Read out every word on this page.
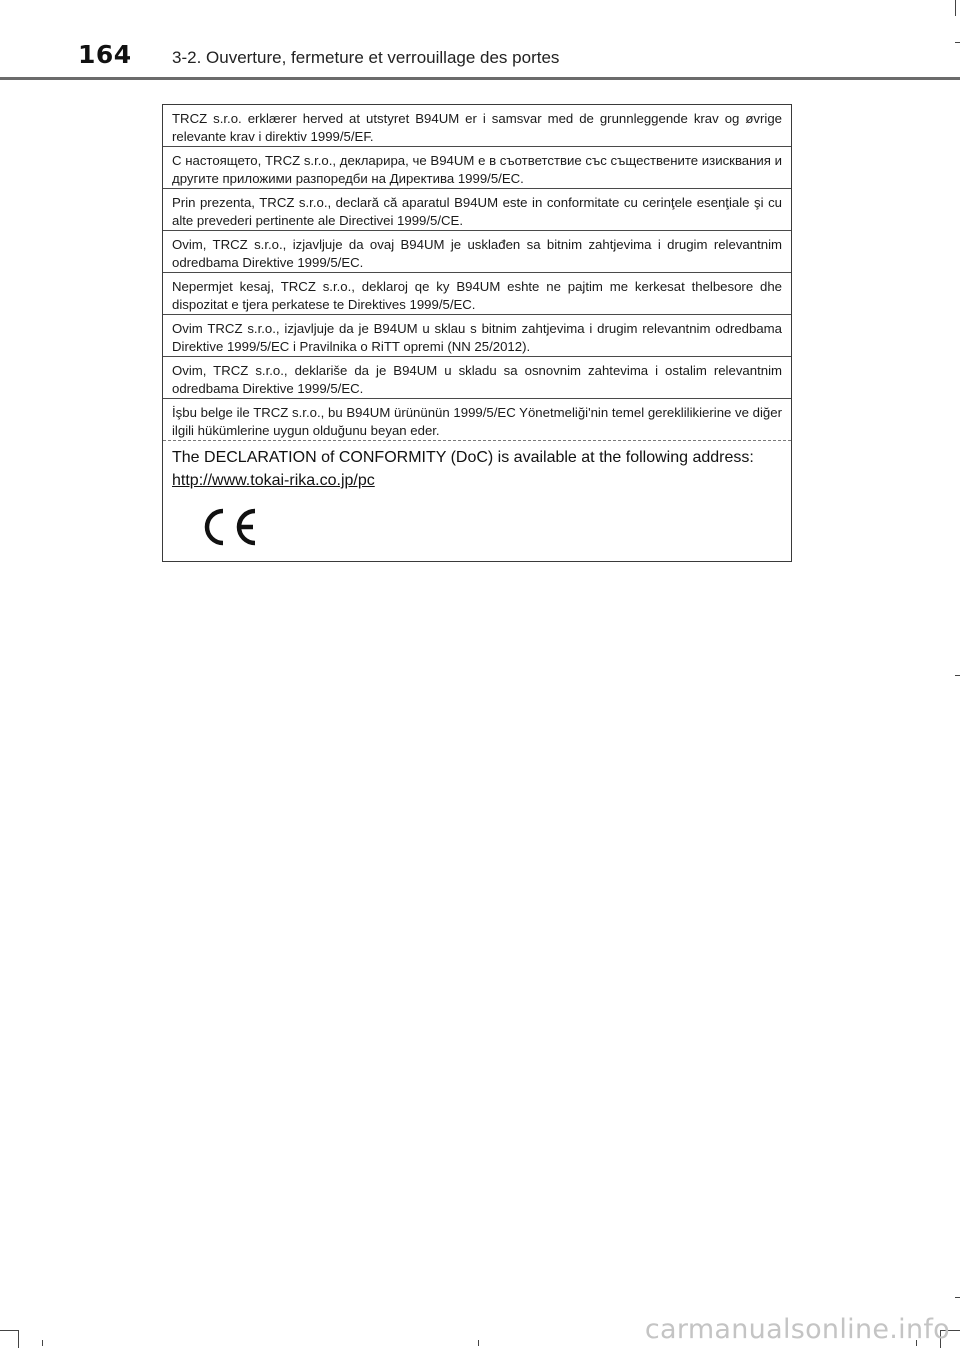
164 3-2. Ouverture, fermeture et verrouillage des portes
TRCZ s.r.o. erklærer herved at utstyret B94UM er i samsvar med de grunnleggende krav og øvrige relevante krav i direktiv 1999/5/EF.
С настоящето, TRCZ s.r.o., декларира, че B94UM е в съответствие със съществените изисквания и другите приложими разпоредби на Директива 1999/5/ЕС.
Prin prezenta, TRCZ s.r.o., declară că aparatul B94UM este in conformitate cu cerinţele esenţiale şi cu alte prevederi pertinente ale Directivei 1999/5/CE.
Ovim, TRCZ s.r.o., izjavljuje da ovaj B94UM je usklađen sa bitnim zahtjevima i drugim relevantnim odredbama Direktive 1999/5/EC.
Nepermjet kesaj, TRCZ s.r.o., deklaroj qe ky B94UM eshte ne pajtim me kerkesat thelbesore dhe dispozitat e tjera perkatese te Direktives 1999/5/EC.
Ovim TRCZ s.r.o., izjavljuje da je B94UM u sklau s bitnim zahtjevima i drugim relevantnim odredbama Direktive 1999/5/EC i Pravilnika o RiTT opremi (NN 25/2012).
Ovim, TRCZ s.r.o., deklariše da je B94UM u skladu sa osnovnim zahtevima i ostalim relevantnim odredbama Direktive 1999/5/EC.
İşbu belge ile TRCZ s.r.o., bu B94UM ürününün 1999/5/EC Yönetmeliği'nin temel gereklilikierine ve diğer ilgili hükümlerine uygun olduğunu beyan eder.
The DECLARATION of CONFORMITY (DoC) is available at the following address:
http://www.tokai-rika.co.jp/pc
carmanualsonline.info
